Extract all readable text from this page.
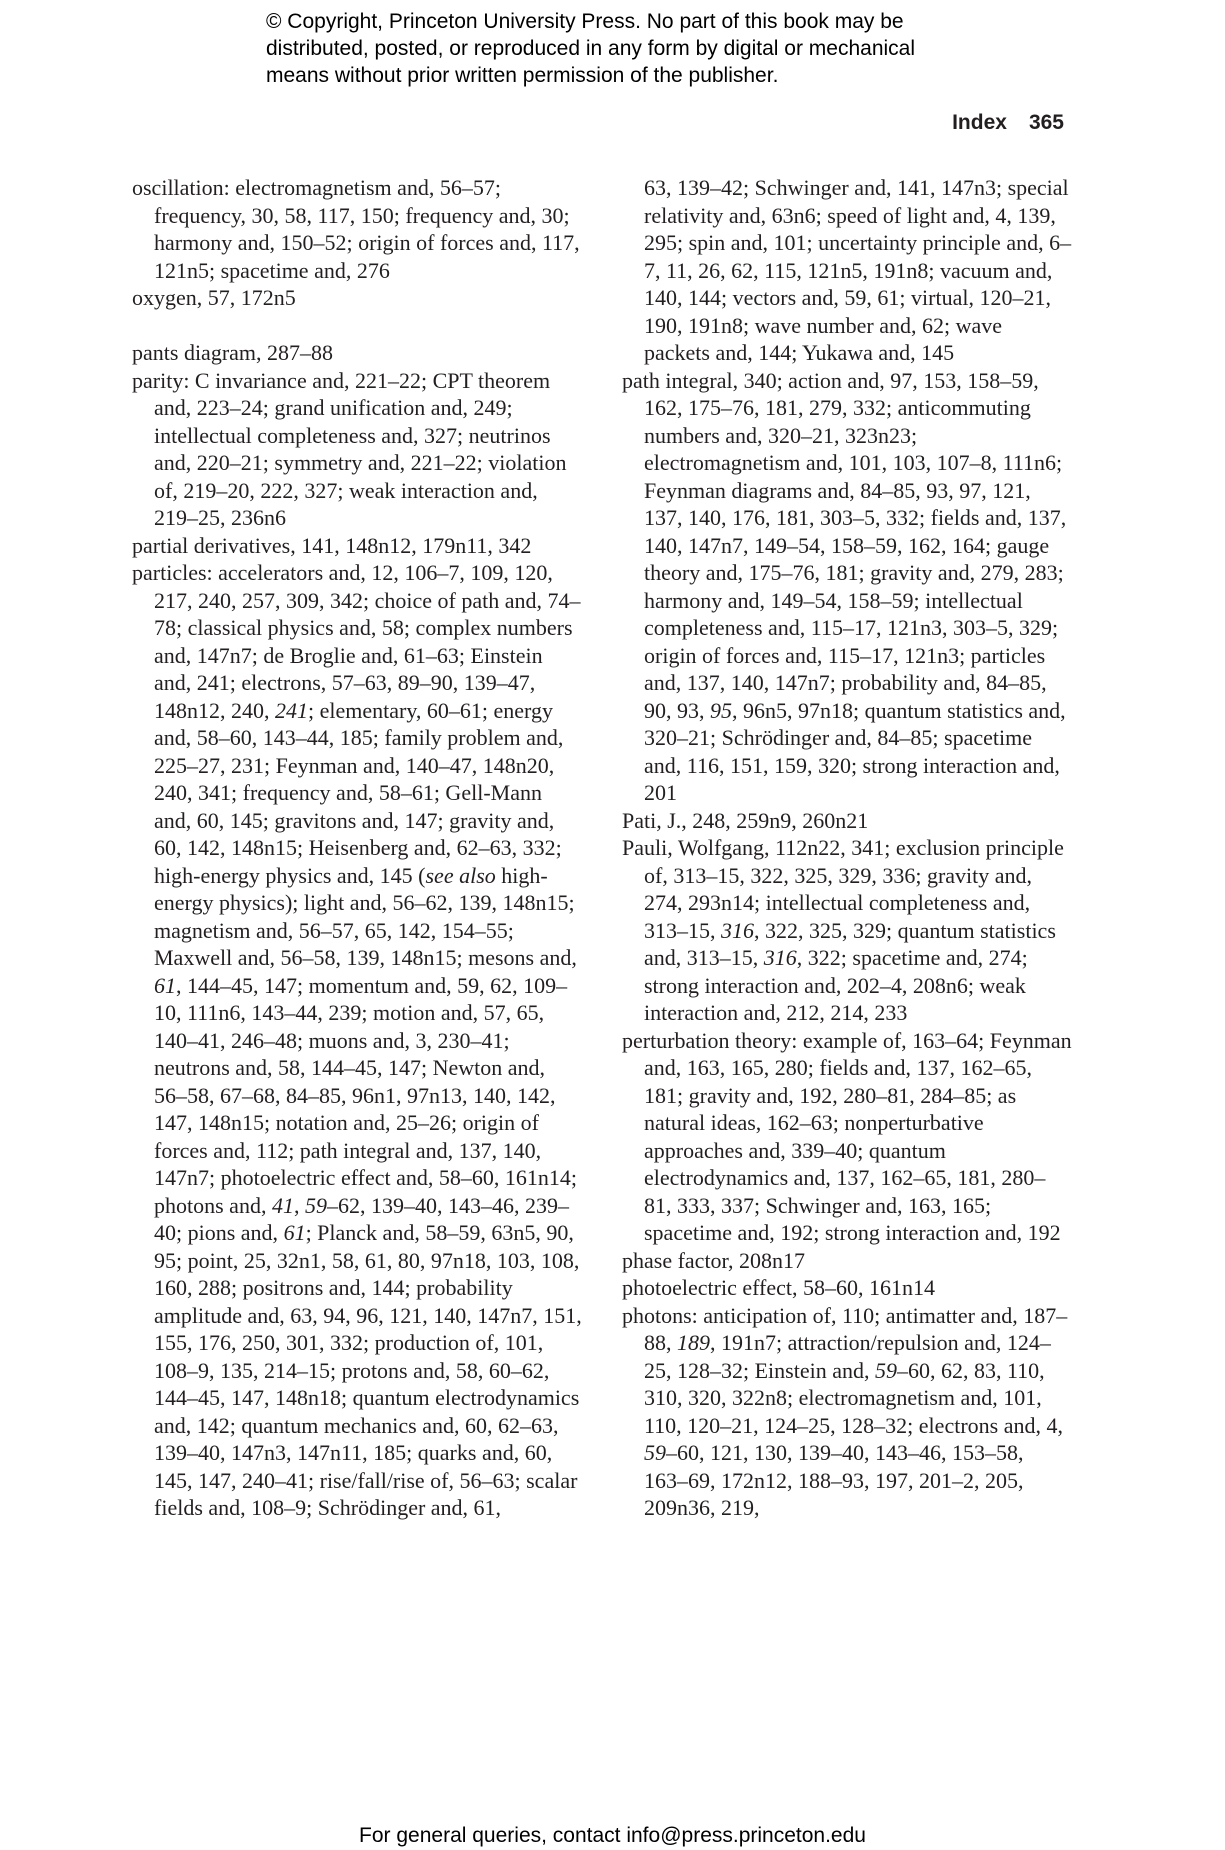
© Copyright, Princeton University Press. No part of this book may be
distributed, posted, or reproduced in any form by digital or mechanical
means without prior written permission of the publisher.
Index 365
oscillation: electromagnetism and, 56–57; frequency, 30, 58, 117, 150; frequency and, 30; harmony and, 150–52; origin of forces and, 117, 121n5; spacetime and, 276
oxygen, 57, 172n5
pants diagram, 287–88
parity: C invariance and, 221–22; CPT theorem and, 223–24; grand unification and, 249; intellectual completeness and, 327; neutrinos and, 220–21; symmetry and, 221–22; violation of, 219–20, 222, 327; weak interaction and, 219–25, 236n6
partial derivatives, 141, 148n12, 179n11, 342
particles: accelerators and, 12, 106–7, 109, 120, 217, 240, 257, 309, 342; choice of path and, 74–78; classical physics and, 58; complex numbers and, 147n7; de Broglie and, 61–63; Einstein and, 241; electrons, 57–63, 89–90, 139–47, 148n12, 240, 241; elementary, 60–61; energy and, 58–60, 143–44, 185; family problem and, 225–27, 231; Feynman and, 140–47, 148n20, 240, 341; frequency and, 58–61; Gell-Mann and, 60, 145; gravitons and, 147; gravity and, 60, 142, 148n15; Heisenberg and, 62–63, 332; high-energy physics and, 145 (see also high-energy physics); light and, 56–62, 139, 148n15; magnetism and, 56–57, 65, 142, 154–55; Maxwell and, 56–58, 139, 148n15; mesons and, 61, 144–45, 147; momentum and, 59, 62, 109–10, 111n6, 143–44, 239; motion and, 57, 65, 140–41, 246–48; muons and, 3, 230–41; neutrons and, 58, 144–45, 147; Newton and, 56–58, 67–68, 84–85, 96n1, 97n13, 140, 142, 147, 148n15; notation and, 25–26; origin of forces and, 112; path integral and, 137, 140, 147n7; photoelectric effect and, 58–60, 161n14; photons and, 41, 59–62, 139–40, 143–46, 239–40; pions and, 61; Planck and, 58–59, 63n5, 90, 95; point, 25, 32n1, 58, 61, 80, 97n18, 103, 108, 160, 288; positrons and, 144; probability amplitude and, 63, 94, 96, 121, 140, 147n7, 151, 155, 176, 250, 301, 332; production of, 101, 108–9, 135, 214–15; protons and, 58, 60–62, 144–45, 147, 148n18; quantum electrodynamics and, 142; quantum mechanics and, 60, 62–63, 139–40, 147n3, 147n11, 185; quarks and, 60, 145, 147, 240–41; rise/fall/rise of, 56–63; scalar fields and, 108–9; Schrödinger and, 61,
63, 139–42; Schwinger and, 141, 147n3; special relativity and, 63n6; speed of light and, 4, 139, 295; spin and, 101; uncertainty principle and, 6–7, 11, 26, 62, 115, 121n5, 191n8; vacuum and, 140, 144; vectors and, 59, 61; virtual, 120–21, 190, 191n8; wave number and, 62; wave packets and, 144; Yukawa and, 145
path integral, 340; action and, 97, 153, 158–59, 162, 175–76, 181, 279, 332; anticommuting numbers and, 320–21, 323n23; electromagnetism and, 101, 103, 107–8, 111n6; Feynman diagrams and, 84–85, 93, 97, 121, 137, 140, 176, 181, 303–5, 332; fields and, 137, 140, 147n7, 149–54, 158–59, 162, 164; gauge theory and, 175–76, 181; gravity and, 279, 283; harmony and, 149–54, 158–59; intellectual completeness and, 115–17, 121n3, 303–5, 329; origin of forces and, 115–17, 121n3; particles and, 137, 140, 147n7; probability and, 84–85, 90, 93, 95, 96n5, 97n18; quantum statistics and, 320–21; Schrödinger and, 84–85; spacetime and, 116, 151, 159, 320; strong interaction and, 201
Pati, J., 248, 259n9, 260n21
Pauli, Wolfgang, 112n22, 341; exclusion principle of, 313–15, 322, 325, 329, 336; gravity and, 274, 293n14; intellectual completeness and, 313–15, 316, 322, 325, 329; quantum statistics and, 313–15, 316, 322; spacetime and, 274; strong interaction and, 202–4, 208n6; weak interaction and, 212, 214, 233
perturbation theory: example of, 163–64; Feynman and, 163, 165, 280; fields and, 137, 162–65, 181; gravity and, 192, 280–81, 284–85; as natural ideas, 162–63; nonperturbative approaches and, 339–40; quantum electrodynamics and, 137, 162–65, 181, 280–81, 333, 337; Schwinger and, 163, 165; spacetime and, 192; strong interaction and, 192
phase factor, 208n17
photoelectric effect, 58–60, 161n14
photons: anticipation of, 110; antimatter and, 187–88, 189, 191n7; attraction/repulsion and, 124–25, 128–32; Einstein and, 59–60, 62, 83, 110, 310, 320, 322n8; electromagnetism and, 101, 110, 120–21, 124–25, 128–32; electrons and, 4, 59–60, 121, 130, 139–40, 143–46, 153–58, 163–69, 172n12, 188–93, 197, 201–2, 205, 209n36, 219,
For general queries, contact info@press.princeton.edu
